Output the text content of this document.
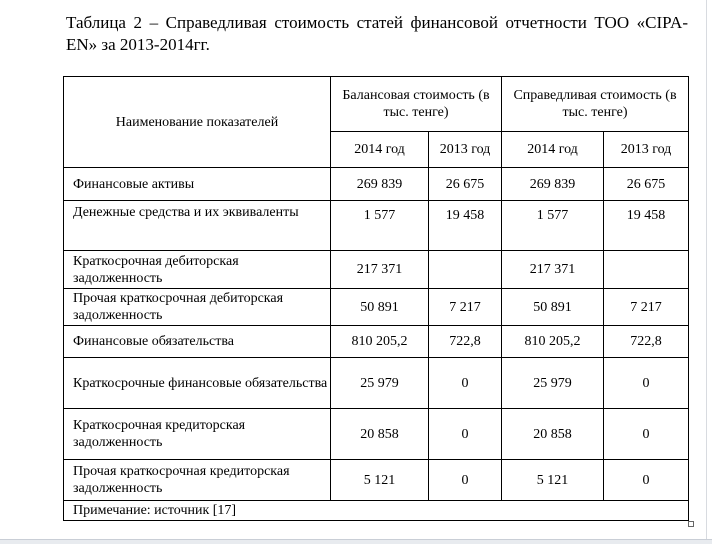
Таблица 2 – Справедливая стоимость статей финансовой отчетности ТОО «CIPA-EN» за 2013-2014гг.
Наименование показателей	Балансовая стоимость (в тыс. тенге)		Справедливая стоимость (в тыс. тенге)	
	2014 год	2013 год	2014 год	2013 год
Финансовые активы	269 839	26 675	269 839	26 675
Денежные средства и их эквиваленты	1 577	19 458	1 577	19 458
Краткосрочная дебиторская задолженность	217 371		217 371	
Прочая краткосрочная дебиторская задолженность	50 891	7 217	50 891	7 217
Финансовые обязательства	810 205,2	722,8	810 205,2	722,8
Краткосрочные финансовые обязательства	25 979	0	25 979	0
Краткосрочная кредиторская задолженность	20 858	0	20 858	0
Прочая краткосрочная кредиторская задолженность	5 121	0	5 121	0
Примечание: источник [17]				
